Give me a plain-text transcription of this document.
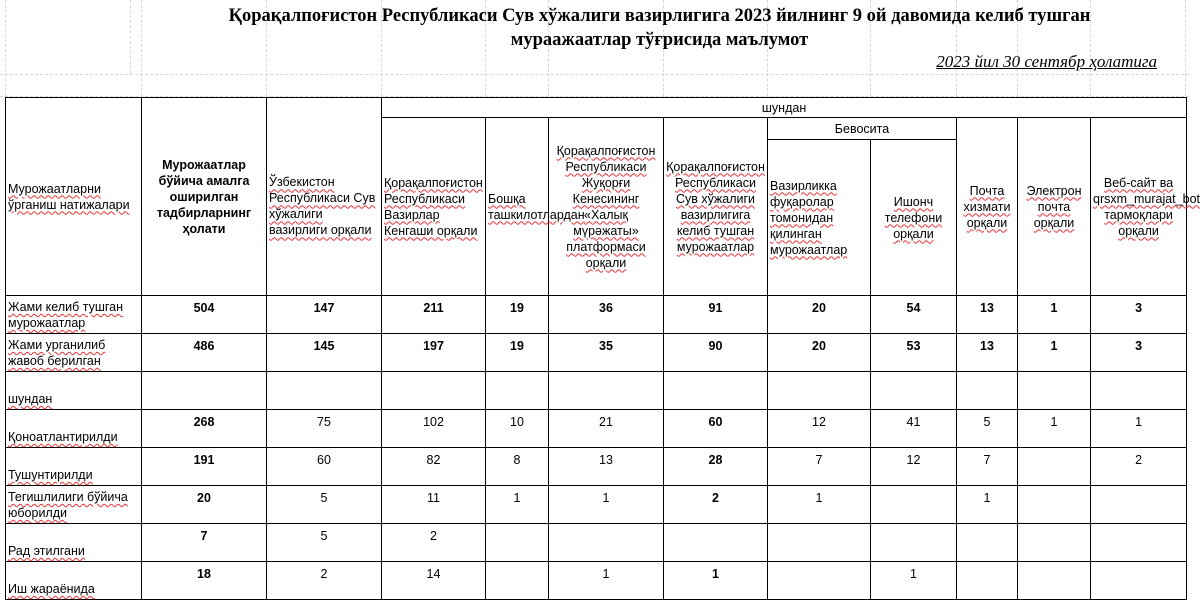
Қорақалпоғистон Республикаси Сув хўжалиги вазирлигига 2023 йилнинг 9 ой давомида келиб тушган
мураажаатлар тўғрисида маълумот
2023 йил 30 сентябр ҳолатига
Мурожаатларни ўрганиш натижалари	Мурожаатлар бўйича амалга оширилган тадбирларнинг ҳолати		шундан								
		Ўзбекистон Республикаси Сув хўжалиги вазирлиги орқали	Қорақалпоғистон Республикаси Вазирлар Кенгаши орқали	Бошқа ташкилотлардан	Қорақалпоғистон Республикаси Жуқорғи Кенесининг «Халық мүрәжаты» платформаси орқали	Қорақалпоғистон Республикаси Сув хўжалиги вазирлигига келиб тушган мурожаатлар	Бевосита		Почта хизмати орқали	Электрон почта орқали	Веб-сайт ва qrsxm_murajat_bot тармоқлари орқали
							Вазирликка фуқаролар томонидан қилинган мурожаатлар	Ишонч телефони орқали			
Жами келиб тушган мурожаатлар	504	147	211	19	36	91	20	54	13	1	3
Жами урганилиб жавоб берилган	486	145	197	19	35	90	20	53	13	1	3
шундан											
Қоноатлантирилди	268	75	102	10	21	60	12	41	5	1	1
Тушунтирилди	191	60	82	8	13	28	7	12	7		2
Тегишлилиги бўйича юборилди	20	5	11	1	1	2	1		1		
Рад этилгани	7	5	2								
Иш жараёнида	18	2	14		1	1		1			
